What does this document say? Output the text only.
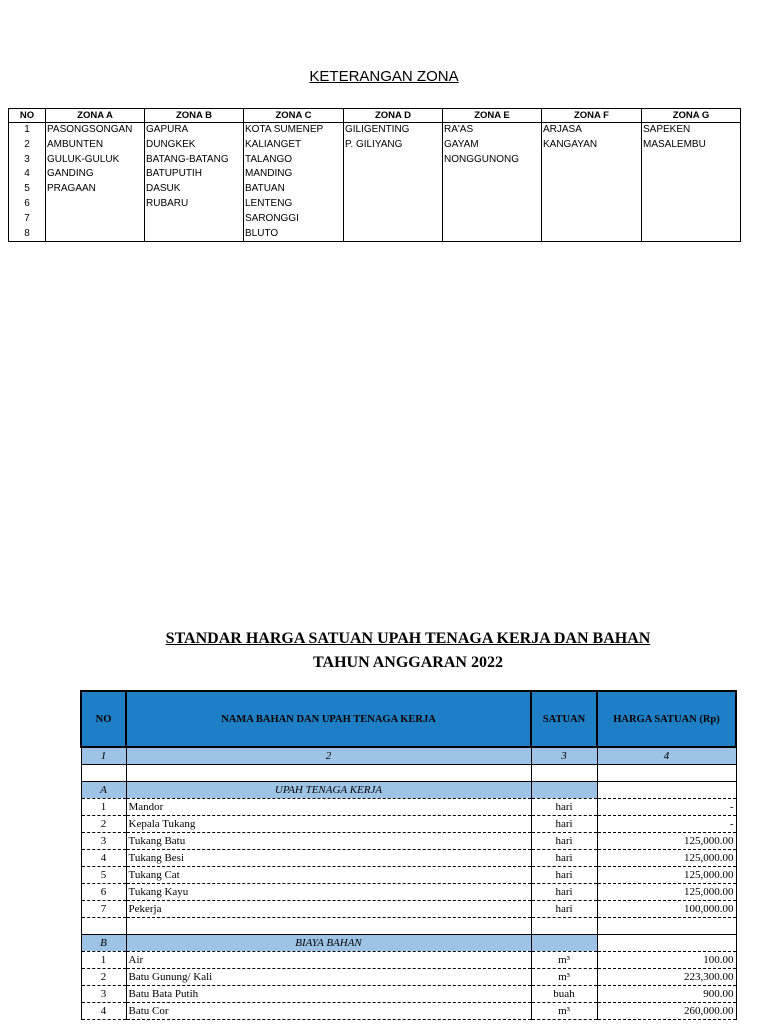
KETERANGAN ZONA
NO	ZONA A	ZONA B	ZONA C	ZONA D	ZONA E	ZONA F	ZONA G
1	PASONGSONGAN	GAPURA	KOTA SUMENEP	GILIGENTING	RA'AS	ARJASA	SAPEKEN
2	AMBUNTEN	DUNGKEK	KALIANGET	P. GILIYANG	GAYAM	KANGAYAN	MASALEMBU
3	GULUK-GULUK	BATANG-BATANG	TALANGO		NONGGUNONG		
4	GANDING	BATUPUTIH	MANDING				
5	PRAGAAN	DASUK	BATUAN				
6		RUBARU	LENTENG				
7			SARONGGI				
8			BLUTO				
STANDAR HARGA SATUAN UPAH TENAGA KERJA DAN BAHAN
TAHUN ANGGARAN 2022
NO	NAMA BAHAN DAN UPAH TENAGA KERJA	SATUAN	HARGA SATUAN (Rp)
1	2	3	4

A	UPAH TENAGA KERJA		
1	Mandor	hari	-
2	Kepala Tukang	hari	-
3	Tukang Batu	hari	125,000.00
4	Tukang Besi	hari	125,000.00
5	Tukang Cat	hari	125,000.00
6	Tukang Kayu	hari	125,000.00
7	Pekerja	hari	100,000.00

B	BIAYA BAHAN		
1	Air	m³	100.00
2	Batu Gunung/ Kali	m³	223,300.00
3	Batu Bata Putih	buah	900.00
4	Batu Cor	m³	260,000.00
